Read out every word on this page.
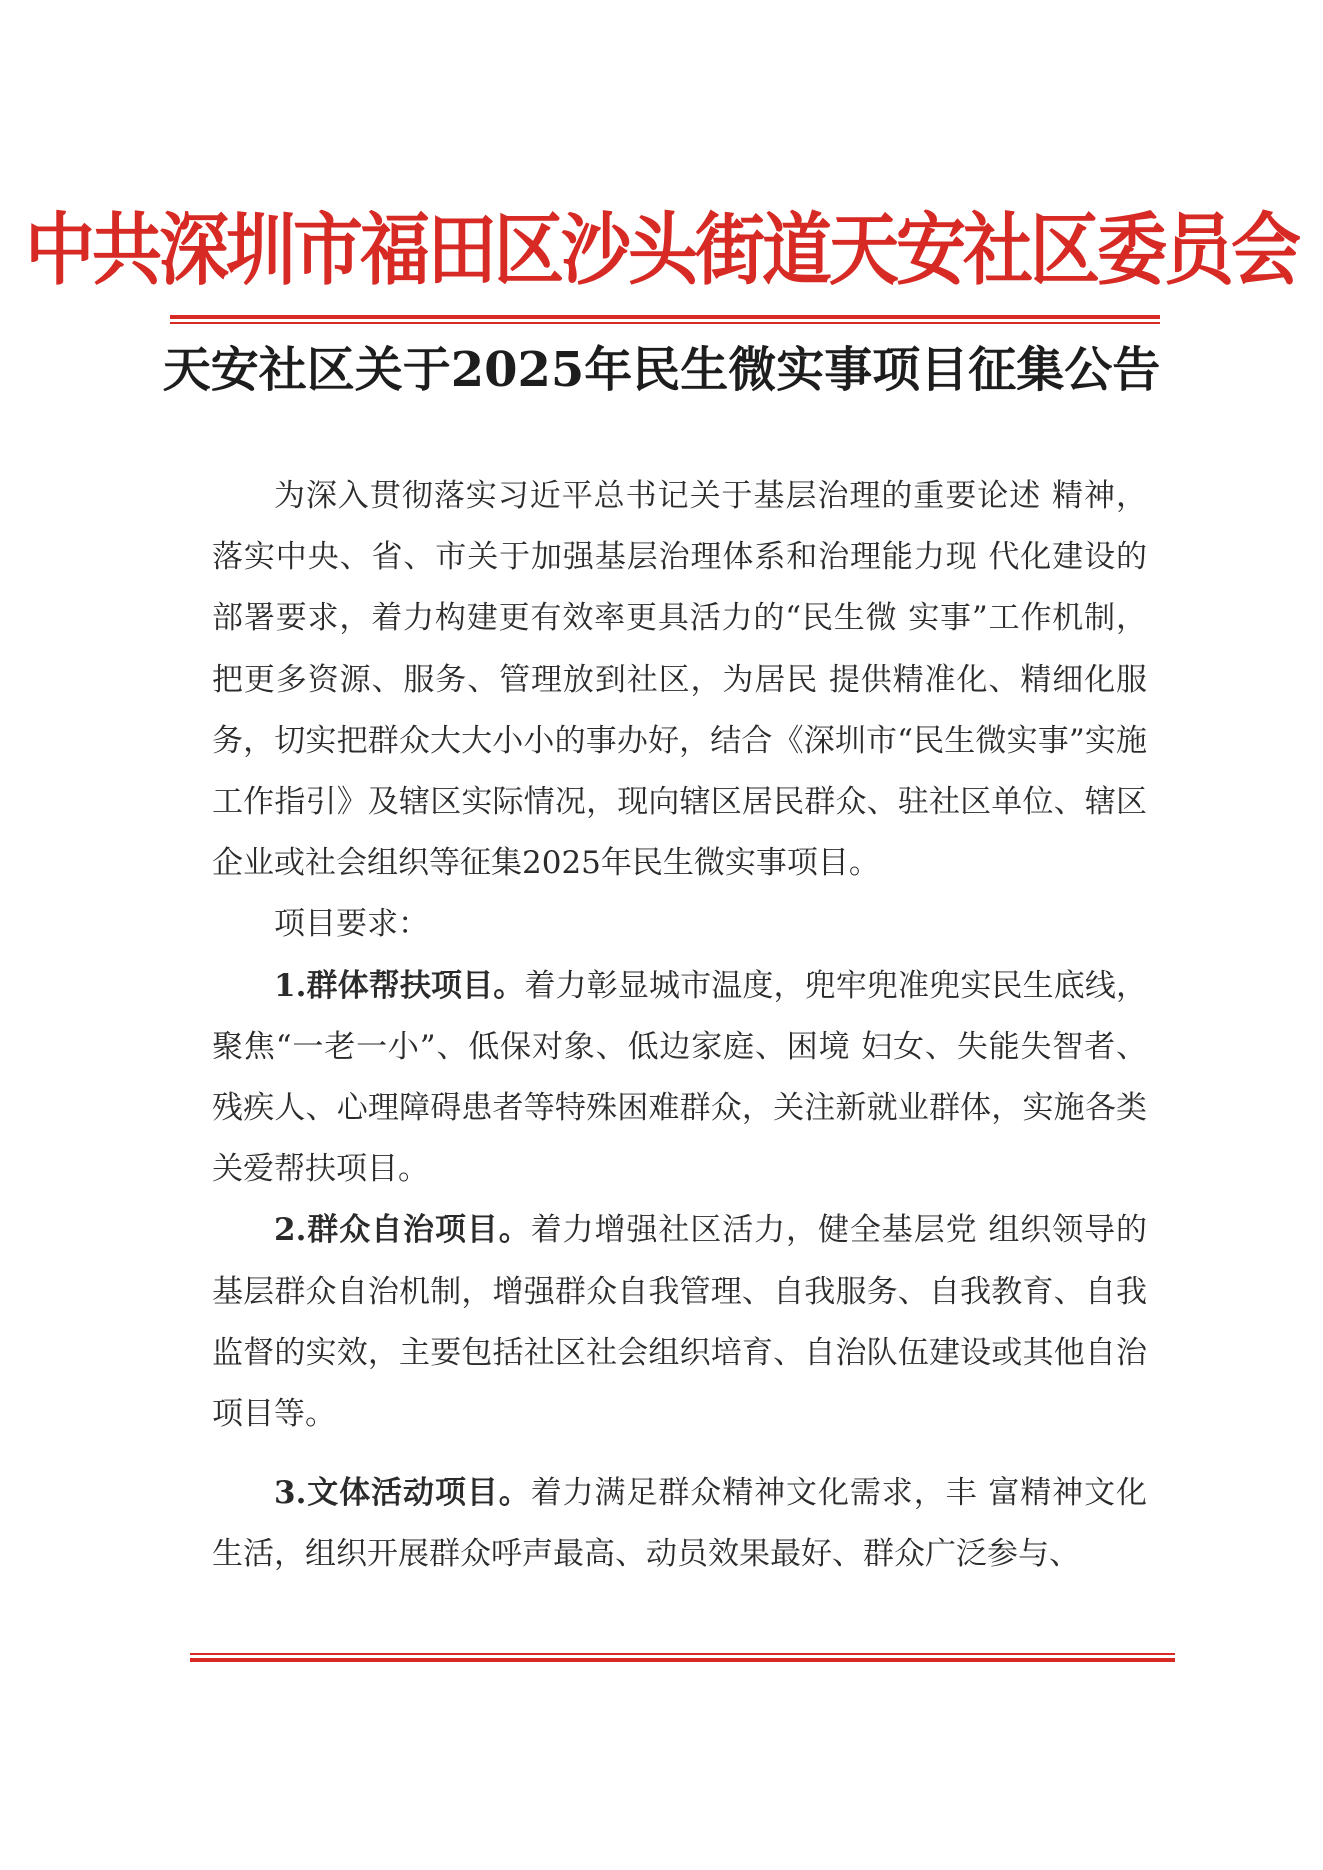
中共深圳市福田区沙头街道天安社区委员会
天安社区关于2025年民生微实事项目征集公告

为深入贯彻落实习近平总书记关于基层治理的重要论述 精神，落实中央、省、市关于加强基层治理体系和治理能力现 代化建设的部署要求，着力构建更有效率更具活力的“民生微 实事”工作机制，把更多资源、服务、管理放到社区，为居民 提供精准化、精细化服务，切实把群众大大小小的事办好，结合《深圳市“民生微实事”实施工作指引》及辖区实际情况，现向辖区居民群众、驻社区单位、辖区企业或社会组织等征集2025年民生微实事项目。

项目要求：

1.群体帮扶项目。着力彰显城市温度，兜牢兜准兜实民生底线，聚焦“一老一小”、低保对象、低边家庭、困境 妇女、失能失智者、残疾人、心理障碍患者等特殊困难群众，关注新就业群体，实施各类关爱帮扶项目。

2.群众自治项目。着力增强社区活力，健全基层党 组织领导的基层群众自治机制，增强群众自我管理、自我服务、自我教育、自我监督的实效，主要包括社区社会组织培育、自治队伍建设或其他自治项目等。

3.文体活动项目。着力满足群众精神文化需求，丰 富精神文化生活，组织开展群众呼声最高、动员效果最好、群众广泛参与、
